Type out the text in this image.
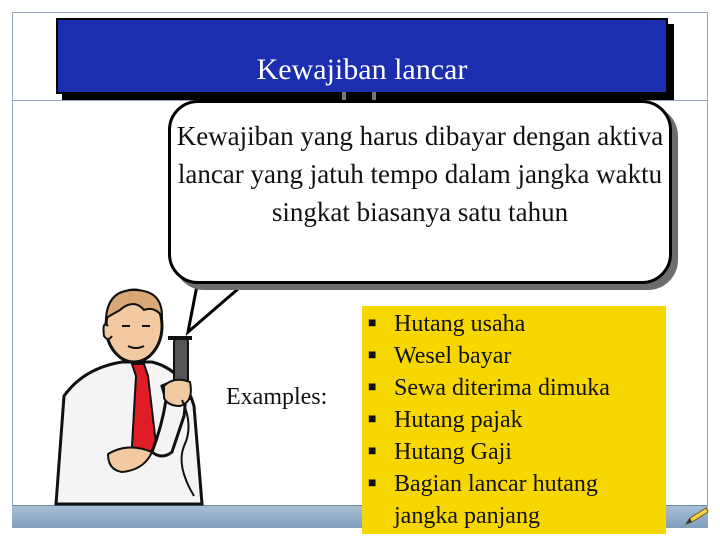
Kewajiban lancar

Kewajiban yang harus dibayar dengan aktiva lancar yang jatuh tempo dalam jangka waktu singkat biasanya satu tahun

Examples:
■ Hutang usaha
■ Wesel bayar
■ Sewa diterima dimuka
■ Hutang pajak
■ Hutang Gaji
■ Bagian lancar hutang jangka panjang
